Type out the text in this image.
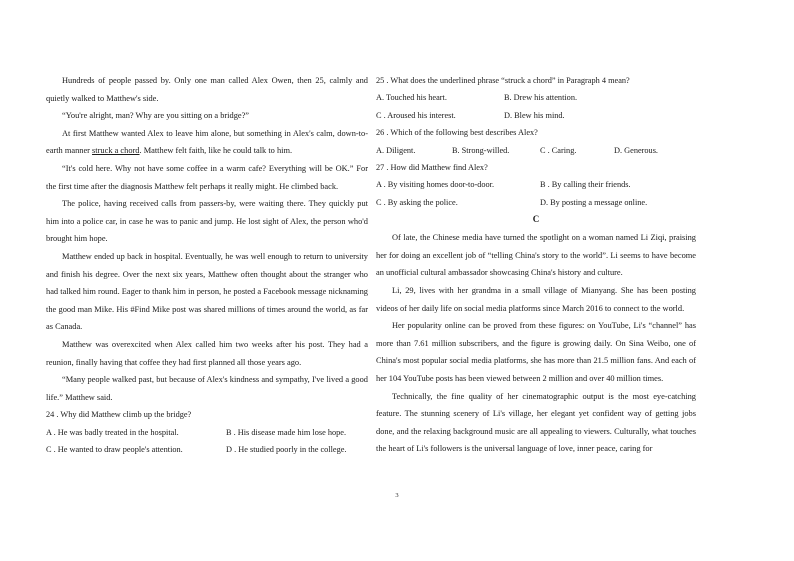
Hundreds of people passed by. Only one man called Alex Owen, then 25, calmly and quietly walked to Matthew's side.

“You're alright, man? Why are you sitting on a bridge?”

At first Matthew wanted Alex to leave him alone, but something in Alex's calm, down-to-earth manner struck a chord. Matthew felt faith, like he could talk to him.

“It's cold here. Why not have some coffee in a warm cafe? Everything will be OK.” For the first time after the diagnosis Matthew felt perhaps it really might. He climbed back.

The police, having received calls from passers-by, were waiting there. They quickly put him into a police car, in case he was to panic and jump. He lost sight of Alex, the person who'd brought him hope.

Matthew ended up back in hospital. Eventually, he was well enough to return to university and finish his degree. Over the next six years, Matthew often thought about the stranger who had talked him round. Eager to thank him in person, he posted a Facebook message nicknaming the good man Mike. His #Find Mike post was shared millions of times around the world, as far as Canada.

Matthew was overexcited when Alex called him two weeks after his post. They had a reunion, finally having that coffee they had first planned all those years ago.

“Many people walked past, but because of Alex's kindness and sympathy, I've lived a good life.” Matthew said.

24 . Why did Matthew climb up the bridge?

A . He was badly treated in the hospital.	B . His disease made him lose hope.
C . He wanted to draw people's attention.	D . He studied poorly in the college.

25 . What does the underlined phrase “struck a chord” in Paragraph 4 mean?

A. Touched his heart.	B. Drew his attention.
C . Aroused his interest.	D. Blew his mind.

26 . Which of the following best describes Alex?

A. Diligent.	B. Strong-willed.	C . Caring.	D. Generous.

27 . How did Matthew find Alex?

A . By visiting homes door-to-door.	B . By calling their friends.
C . By asking the police.	D. By posting a message online.
C

Of late, the Chinese media have turned the spotlight on a woman named Li Ziqi, praising her for doing an excellent job of “telling China's story to the world”. Li seems to have become an unofficial cultural ambassador showcasing China's history and culture.

Li, 29, lives with her grandma in a small village of Mianyang. She has been posting videos of her daily life on social media platforms since March 2016 to connect to the world.

Her popularity online can be proved from these figures: on YouTube, Li's “channel” has more than 7.61 million subscribers, and the figure is growing daily. On Sina Weibo, one of China's most popular social media platforms, she has more than 21.5 million fans. And each of her 104 YouTube posts has been viewed between 2 million and over 40 million times.

Technically, the fine quality of her cinematographic output is the most eye-catching feature. The stunning scenery of Li's village, her elegant yet confident way of getting jobs done, and the relaxing background music are all appealing to viewers. Culturally, what touches the heart of Li's followers is the universal language of love, inner peace, caring for

3
